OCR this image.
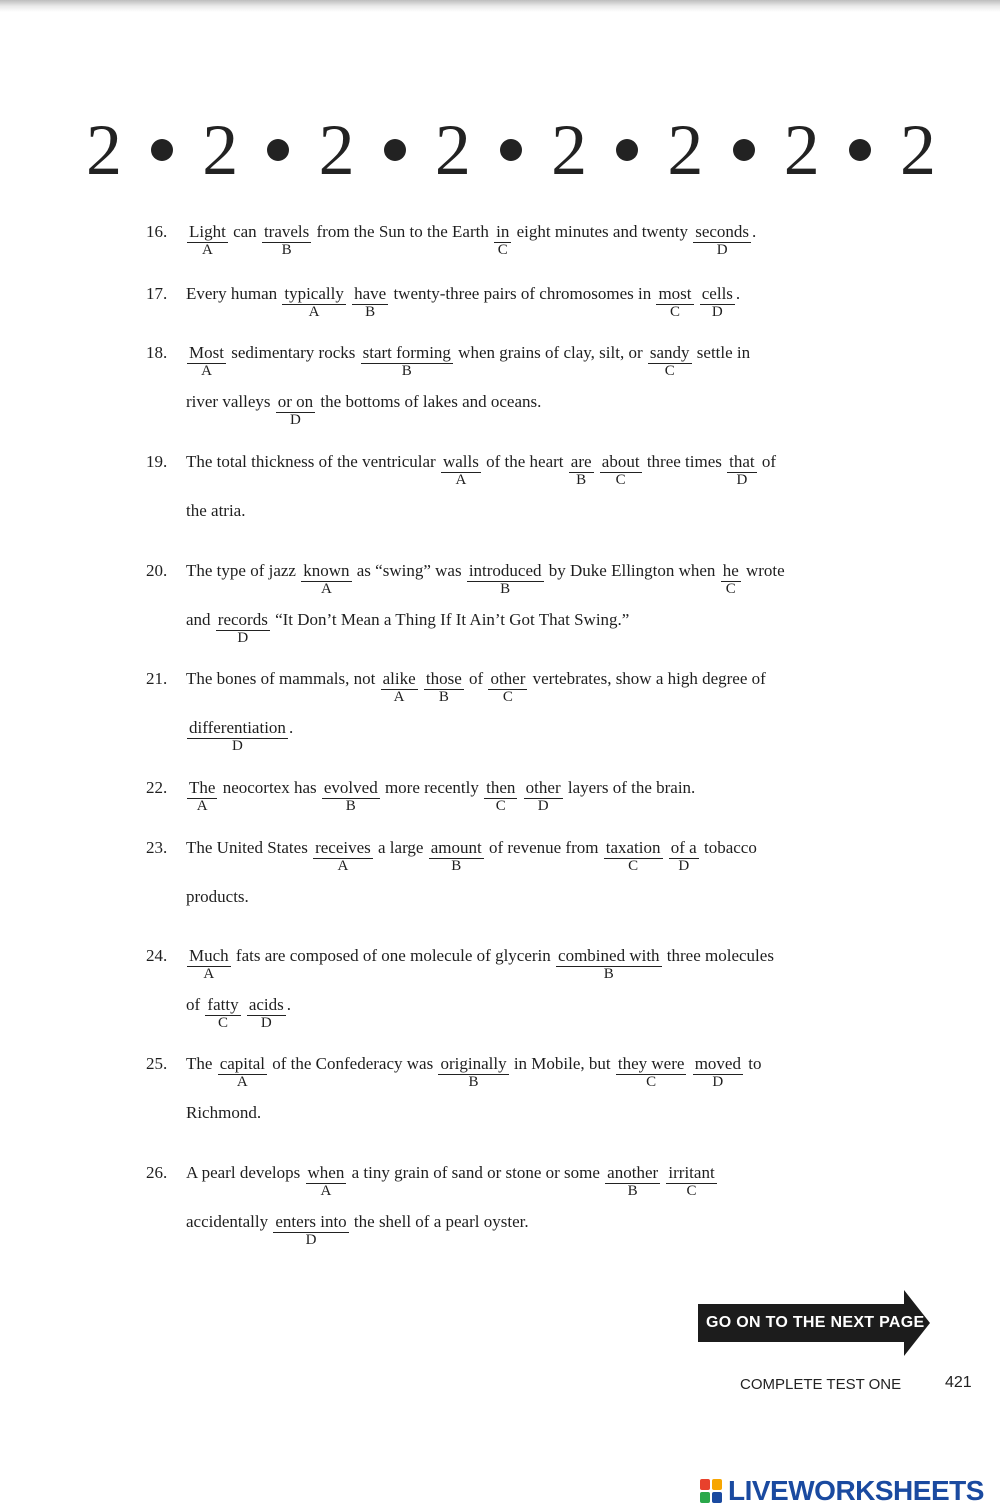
2 2 2 2 2 2 2 2
16. Light
A
can travels
B
from the Sun to the Earth in
C
eight minutes and twenty seconds
D
.
17. Every human typically
A
have
B
twenty-three pairs of chromosomes in most
C
cells
D
.
18. Most
A
sedimentary rocks start forming
B
when grains of clay, silt, or sandy
C
settle in
river valleys or on
D
the bottoms of lakes and oceans.
19. The total thickness of the ventricular walls
A
of the heart are
B
about
C
three times that
D
of
the atria.
20. The type of jazz known
A
as “swing” was introduced
B
by Duke Ellington when he
C
wrote
and records
D
“It Don’t Mean a Thing If It Ain’t Got That Swing.”
21. The bones of mammals, not alike
A
those
B
of other
C
vertebrates, show a high degree of
differentiation
D
.
22. The
A
neocortex has evolved
B
more recently then
C
other
D
layers of the brain.
23. The United States receives
A
a large amount
B
of revenue from taxation
C
of a
D
tobacco
products.
24. Much
A
fats are composed of one molecule of glycerin combined with
B
three molecules
of fatty
C
acids
D
.
25. The capital
A
of the Confederacy was originally
B
in Mobile, but they were
C
moved
D
to
Richmond.
26. A pearl develops when
A
a tiny grain of sand or stone or some another
B
irritant
C
accidentally enters into
D
the shell of a pearl oyster.
GO ON TO THE NEXT PAGE
COMPLETE TEST ONE	421
LIVEWORKSHEETS
